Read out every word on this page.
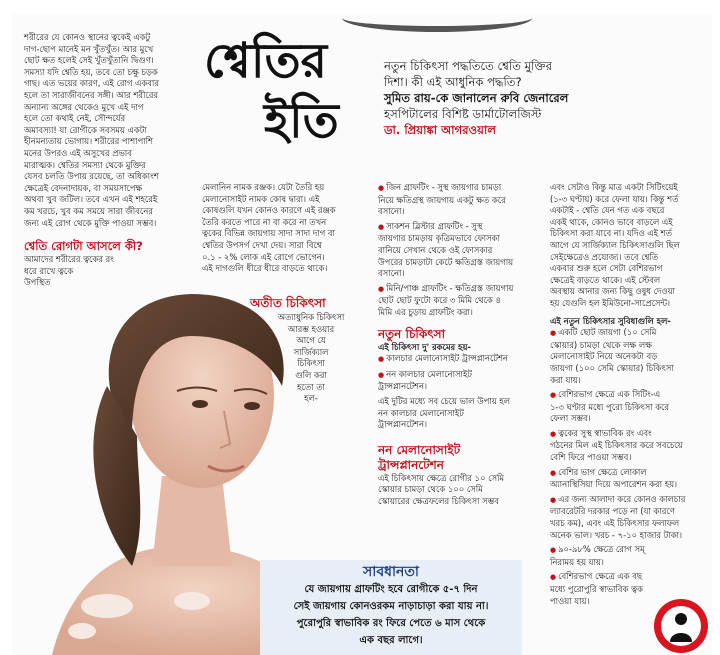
শরীরের যে কোনও স্থানের ত্বকেই একটু
দাগ-ছোপ মানেই মন খুঁতখুঁত। আর মুখে
ছোট ক্ষত হলেই সেই খুঁতখুঁতানি দ্বিগুণ।
সমস্যা যদি শ্বেতি হয়, তবে তো চক্ষু চড়ক
গাছ। এত ভয়ের কারণ, এই রোগ একবার
হলে তা সারাজীবনের সঙ্গী। আর শরীরের
অন্যান্য অঙ্গের থেকেও মুখে এই দাগ
হলে তো কথাই নেই, সৌন্দর্যের
অমাবস্যা! যা রোগীকে সবসময় একটা
হীনমন্যতায় ভোগায়। শরীরের পাশাপাশি
মনের উপরও এই অসুখের প্রভাব
মারাত্মক। শ্বেতির সমস্যা থেকে মুক্তির
যেসব চলতি উপায় রয়েছে, তা অধিকাংশ
ক্ষেত্রেই বেদনাদায়ক, বা সময়সাপেক্ষ
অথবা খুব জটিল। তবে এখন এই শহরেই
কম খরচে, খুব কম সময়ে সারা জীবনের
জন্য এই রোগ থেকে মুক্তি পাওয়া সম্ভব।
শ্বেতি রোগটা আসলে কী?
আমাদের শরীরের ত্বকের রং
ধরে রাখে ত্বকে
উপস্থিত
শ্বেতির
ইতি
নতুন চিকিৎসা পদ্ধতিতে শ্বেতি মুক্তির
দিশা। কী এই আধুনিক পদ্ধতি?
সুমিত রায়-কে জানালেন রুবি জেনারেল
হসপিটালের বিশিষ্ট ডার্মাটোলজিস্ট
ডা. প্রিয়াঙ্কা আগরওয়াল
মেলানিন নামক রঞ্জক। যেটা তৈরি হয়
মেলানোসাইট নামক কোষ দ্বারা। এই
কোষগুলি যখন কোনও কারণে এই রঞ্জক
তৈরি করতে পারে না বা করে না তখন
ত্বকের বিভিন্ন জায়গায় সাদা সাদা দাগ বা
শ্বেতির উপসর্গ দেখা দেয়। সারা বিশ্বে
০.১ - ২% লোক এই রোগে ভোগেন।
এই দাগগুলি ধীরে ধীরে বাড়তে থাকে।
অতীত চিকিৎসা
অত্যাধুনিক চিকিৎসা
আরম্ভ হওয়ার
আগে যে
সার্জিক্যাল
চিকিৎসা
গুলি করা
হতো তা
হল-
● জিন গ্রাফটিং - সুস্থ জায়গার চামড়া
নিয়ে ক্ষতিগ্রস্থ জায়গায় একটু ক্ষত করে
বসানো।
● সাকশন ব্লিস্টার গ্রাফটিং - সুস্থ
জায়গার চামড়ায় কৃত্রিমভাবে ফোসকা
বানিয়ে সেখান থেকে ওই ফোসকার
উপরের চামড়াটা কেটে ক্ষতিগ্রস্ত জায়গায়
বসানো।
● মিনি/পাঞ্চ গ্রাফটিং - ক্ষতিগ্রস্ত জায়গায়
ছোট ছোট ফুটো করে ৩ মিমি থেকে ৪
মিমি এর চুড়ায় গ্রাফটিং করা।
নতুন চিকিৎসা
এই চিকিৎসা দু' রকমের হয়-
● কালচার মেলানোসাইট ট্রান্সপ্লানটেশন
● নন কালচার মেলানোসাইট
ট্রান্সপ্লানটেশন।
এই দুটির মধ্যে সব চেয়ে ভাল উপায় হল
নন কালচার মেলানোসাইট
ট্রান্সপ্লানটেশন।
নন মেলানোসাইট
ট্রান্সপ্লানটেশন
এই চিকিৎসায় ক্ষেত্রে রোগীর ১০ সেমি
স্কোয়ার চামড়া থেকে ১০০ সেমি
স্কোয়ারের ক্ষেত্রফলের চিকিৎসা সম্ভব
এবং সেটাও কিন্তু মাত্র একটা সিটিংয়েই
(১-৩ ঘণ্টায়) করে ফেলা যায়। কিন্তু শর্ত
একটাই - শ্বেতি যেন গত এক বছরে
একই থাকে, কোনও ভাবে বাড়লে এই
চিকিৎসা করা যাবে না। যদিও এই শর্ত
আগে যে সার্জিক্যাল চিকিৎসাগুলি ছিল
সেইক্ষেত্রেও প্রযোজ্য। তবে শ্বেতি
একবার শুরু হলে সেটা বেশিরভাগ
ক্ষেত্রেই বাড়তে থাকে। এই স্টেবল
অবস্থায় আনার জন্য কিছু ওষুধ দেওয়া
হয় যেগুলি হল ইমিউনো-সাপ্রেসেন্ট।
এই নতুন চিকিৎসার সুবিধাগুলি হল-
● একটি ছোট জায়গা (১০ সেমি
স্কোয়ার) চামড়া থেকে লক্ষ লক্ষ
মেলানোসাইট নিয়ে অনেকটা বড়
জায়গা (১০০ সেমি স্কোয়ার) চিকিৎসা
করা যায়।
● বেশিরভাগ ক্ষেত্রে এক সিটিং-এ
১-৩ ঘণ্টার মধ্যে পুরো চিকিৎসা করে
ফেলা সম্ভব।
● ত্বকের সুস্থ স্বাভাবিক রং এবং
গঠনের মিল এই চিকিৎসার করে সবচেয়ে
বেশি ফিরে পাওয়া সম্ভব।
● বেশির ভাগ ক্ষেত্রে লোকাল
অ্যানাস্থিসিয়া দিয়ে অপারেশন করা হয়।
● এর জন্য আলাদা করে কোনও কালচার
ল্যাবরেটরি দরকার পড়ে না (যা কারণে
খরচ কম), এবং এই চিকিৎসার ফলাফল
অনেক ভাল। খরচ - ৭-১০ হাজার টাকা।
● ৯০-৯৮% ক্ষেত্রে রোগ সম্
নিরাময় হয় যায়।
● বেশিরভাগ ক্ষেত্রে এক বছ
মধ্যে পুরোপুরি স্বাভাবিক ত্বক
পাওয়া যায়।
সাবধানতা
যে জায়গায় গ্রাফটিং হবে রোগীকে ৫-৭ দিন
সেই জায়গায় কোনওরকম নাড়াচাড়া করা যায় না।
পুরোপুরি স্বাভাবিক রং ফিরে পেতে ৬ মাস থেকে
এক বছর লাগে।
